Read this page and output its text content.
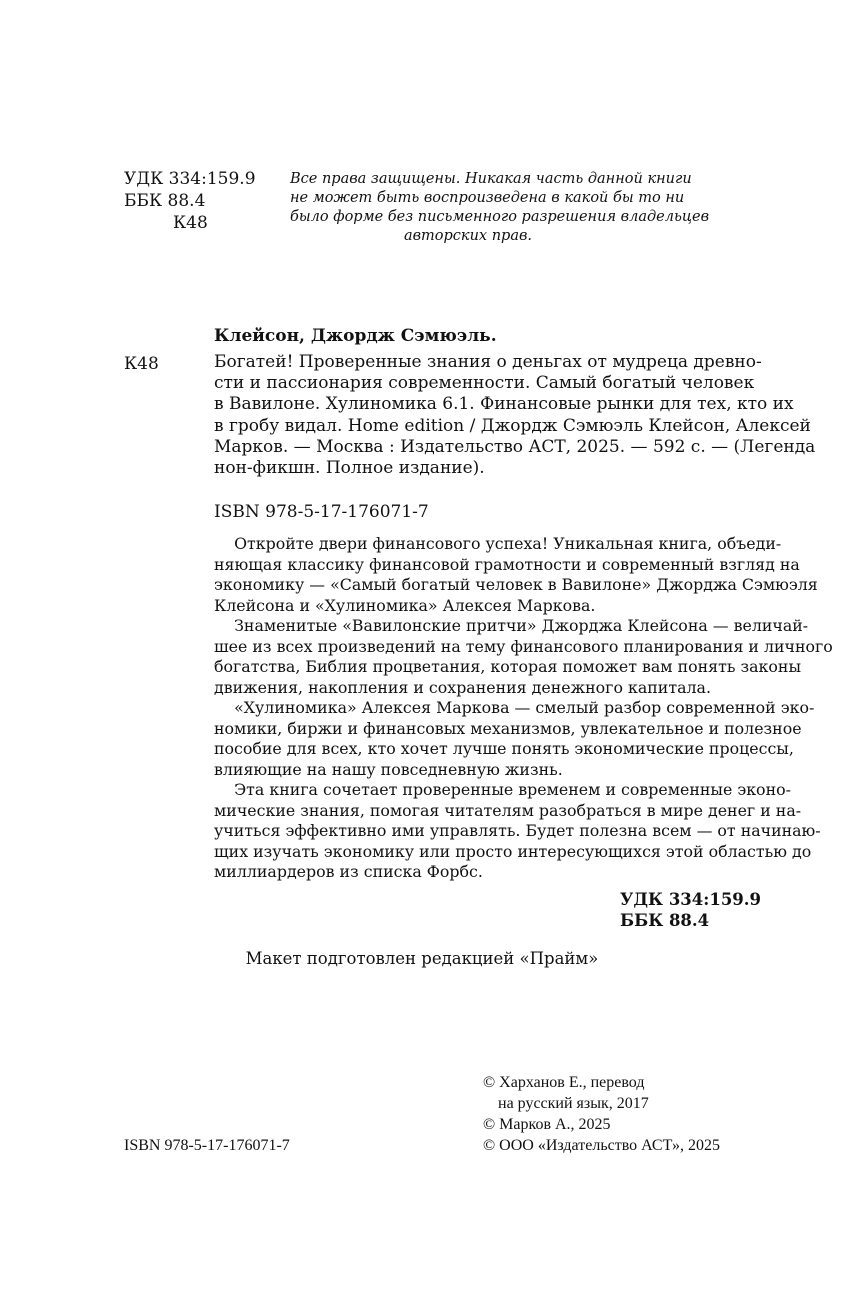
УДК 334:159.9
ББК 88.4
К48
Все права защищены. Никакая часть данной книги
не может быть воспроизведена в какой бы то ни
было форме без письменного разрешения владельцев
авторских прав.
Клейсон, Джордж Сэмюэль.
К48	Богатей! Проверенные знания о деньгах от мудреца древно-
сти и пассионария современности. Самый богатый человек
в Вавилоне. Хулиномика 6.1. Финансовые рынки для тех, кто их
в гробу видал. Home edition / Джордж Сэмюэль Клейсон, Алексей
Марков. — Москва : Издательство АСТ, 2025. — 592 с. — (Легенда
нон-фикшн. Полное издание).
ISBN 978-5-17-176071-7
Откройте двери финансового успеха! Уникальная книга, объеди-
няющая классику финансовой грамотности и современный взгляд на
экономику — «Самый богатый человек в Вавилоне» Джорджа Сэмюэля
Клейсона и «Хулиномика» Алексея Маркова.
Знаменитые «Вавилонские притчи» Джорджа Клейсона — величай-
шее из всех произведений на тему финансового планирования и личного
богатства, Библия процветания, которая поможет вам понять законы
движения, накопления и сохранения денежного капитала.
«Хулиномика» Алексея Маркова — смелый разбор современной эко-
номики, биржи и финансовых механизмов, увлекательное и полезное
пособие для всех, кто хочет лучше понять экономические процессы,
влияющие на нашу повседневную жизнь.
Эта книга сочетает проверенные временем и современные эконо-
мические знания, помогая читателям разобраться в мире денег и на-
учиться эффективно ими управлять. Будет полезна всем — от начинаю-
щих изучать экономику или просто интересующихся этой областью до
миллиардеров из списка Форбс.
УДК 334:159.9
ББК 88.4
Макет подготовлен редакцией «Прайм»
ISBN 978-5-17-176071-7
© Харханов Е., перевод
на русский язык, 2017
© Марков А., 2025
© ООО «Издательство АСТ», 2025
